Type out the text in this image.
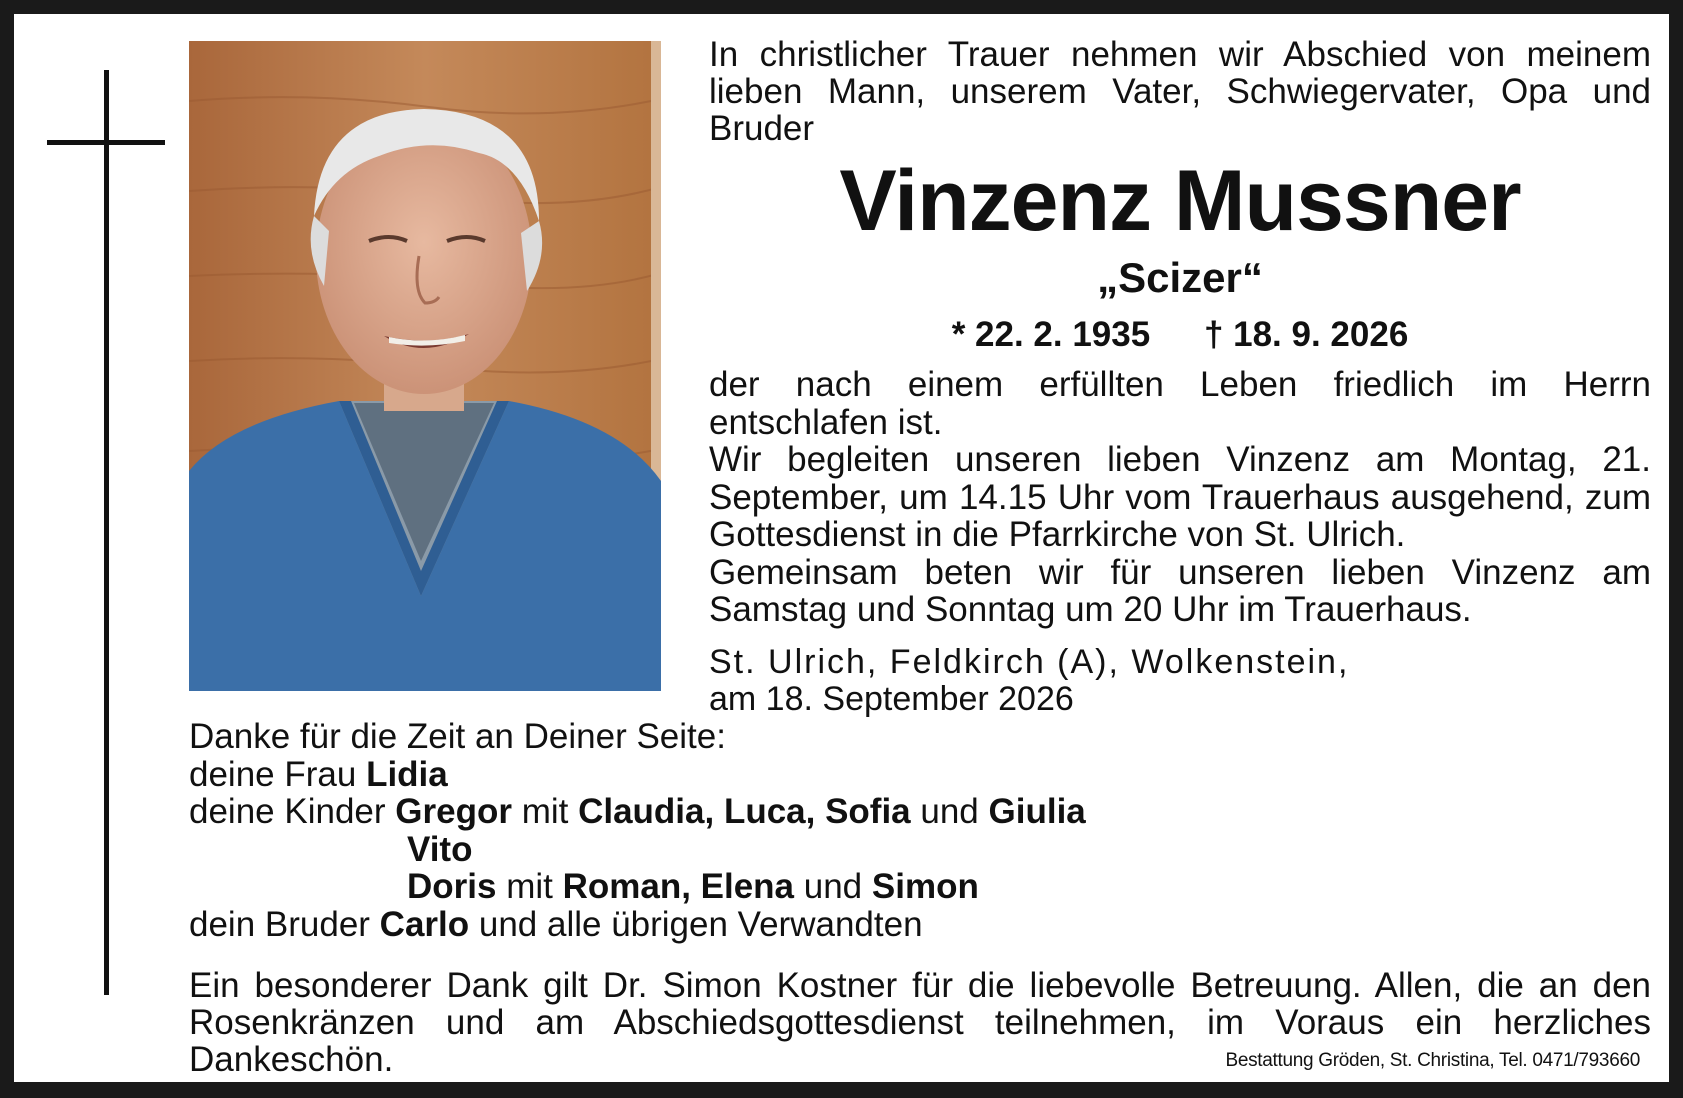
In christlicher Trauer nehmen wir Abschied von meinem lieben Mann, unserem Vater, Schwiegervater, Opa und Bruder
Vinzenz Mussner
„Scizer“
* 22. 2. 1935 † 18. 9. 2026

der nach einem erfüllten Leben friedlich im Herrn entschlafen ist.

Wir begleiten unseren lieben Vinzenz am Montag, 21. September, um 14.15 Uhr vom Trauerhaus ausgehend, zum Gottesdienst in die Pfarrkirche von St. Ulrich.

Gemeinsam beten wir für unseren lieben Vinzenz am Samstag und Sonntag um 20 Uhr im Trauerhaus.

St. Ulrich, Feldkirch (A), Wolkenstein,
am 18. September 2026
Danke für die Zeit an Deiner Seite:
deine Frau Lidia
deine Kinder Gregor mit Claudia, Luca, Sofia und Giulia
Vito
Doris mit Roman, Elena und Simon
dein Bruder Carlo und alle übrigen Verwandten
Ein besonderer Dank gilt Dr. Simon Kostner für die liebevolle Betreuung. Allen, die an den Rosenkränzen und am Abschiedsgottesdienst teilnehmen, im Voraus ein herzliches Dankeschön.	Bestattung Gröden, St. Christina, Tel. 0471/793660
